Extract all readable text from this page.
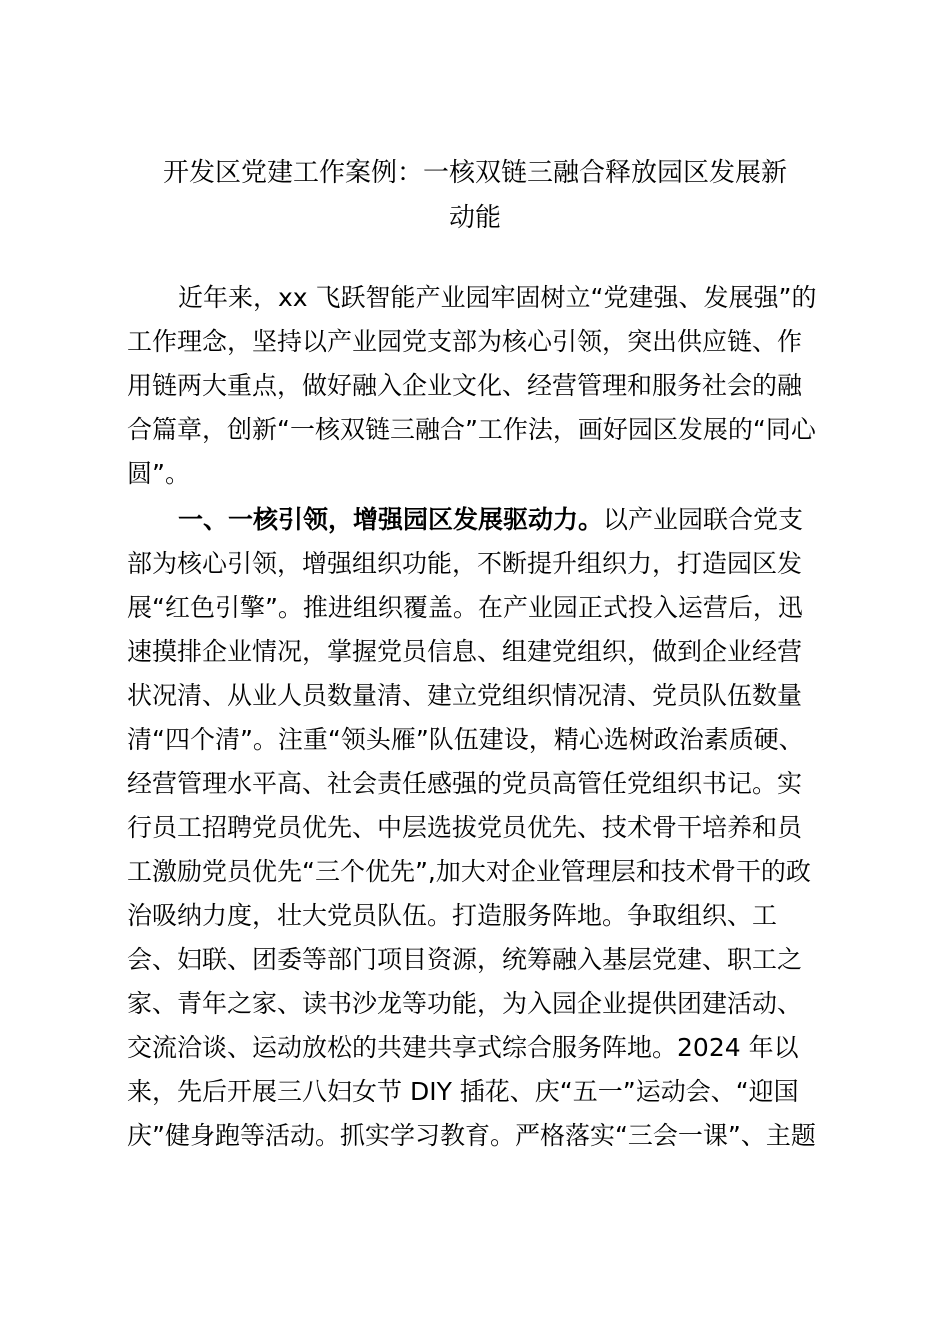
开发区党建工作案例：一核双链三融合释放园区发展新
动能

近年来，xx 飞跃智能产业园牢固树立“党建强、发展强”的

工作理念，坚持以产业园党支部为核心引领，突出供应链、作

用链两大重点，做好融入企业文化、经营管理和服务社会的融

合篇章，创新“一核双链三融合”工作法，画好园区发展的“同心

圆”。

一、一核引领，增强园区发展驱动力。以产业园联合党支

部为核心引领，增强组织功能，不断提升组织力，打造园区发

展“红色引擎”。推进组织覆盖。在产业园正式投入运营后，迅

速摸排企业情况，掌握党员信息、组建党组织，做到企业经营

状况清、从业人员数量清、建立党组织情况清、党员队伍数量

清“四个清”。注重“领头雁”队伍建设，精心选树政治素质硬、

经营管理水平高、社会责任感强的党员高管任党组织书记。实

行员工招聘党员优先、中层选拔党员优先、技术骨干培养和员

工激励党员优先“三个优先”,加大对企业管理层和技术骨干的政

治吸纳力度，壮大党员队伍。打造服务阵地。争取组织、工

会、妇联、团委等部门项目资源，统筹融入基层党建、职工之

家、青年之家、读书沙龙等功能，为入园企业提供团建活动、

交流洽谈、运动放松的共建共享式综合服务阵地。2024 年以

来，先后开展三八妇女节 DIY 插花、庆“五一”运动会、“迎国

庆”健身跑等活动。抓实学习教育。严格落实“三会一课”、主题
